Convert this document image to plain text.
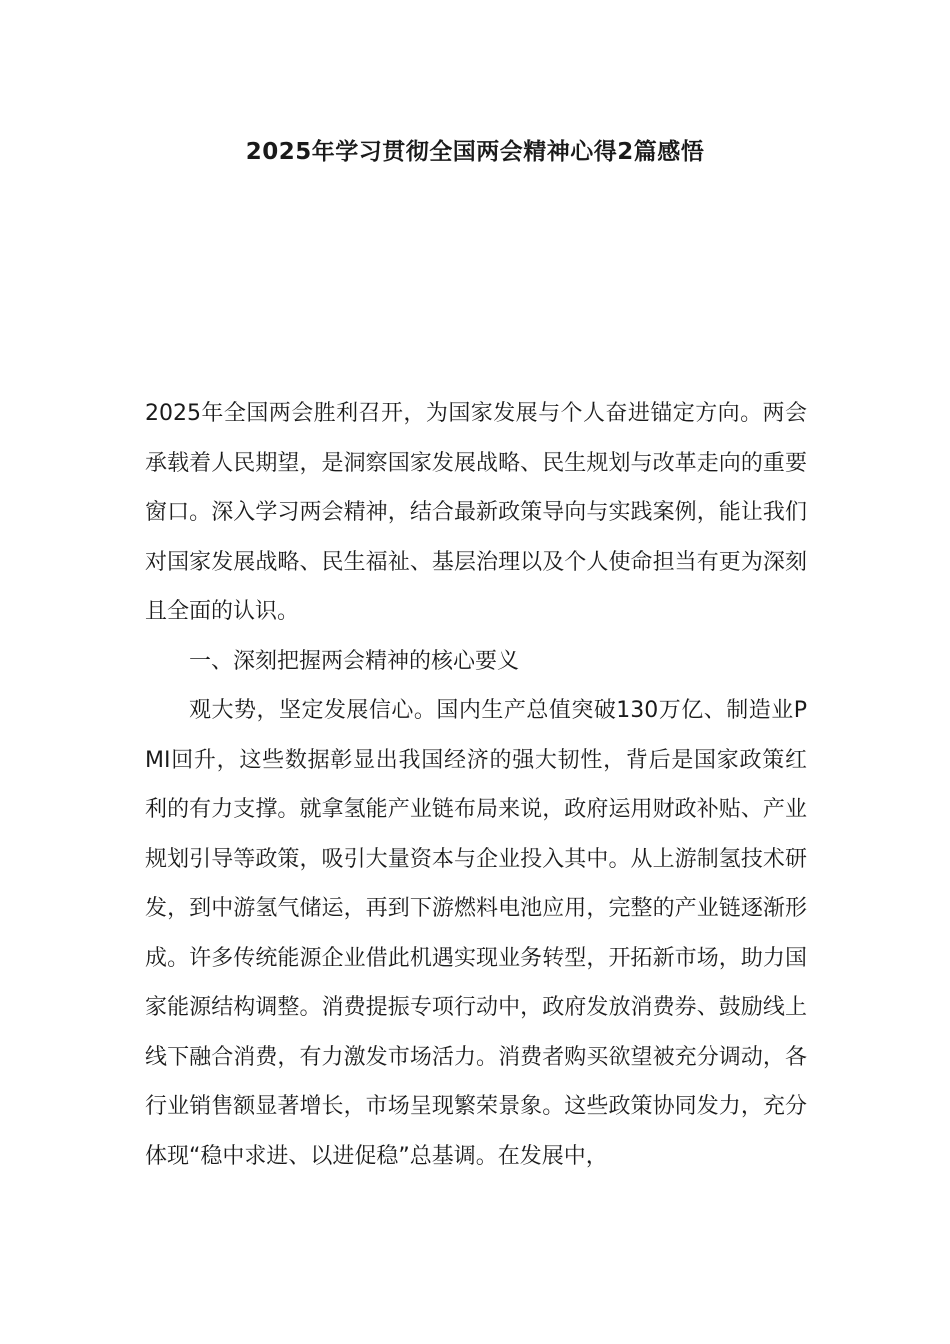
2025年学习贯彻全国两会精神心得2篇感悟

2025年全国两会胜利召开，为国家发展与个人奋进锚定方向。两会承载着人民期望，是洞察国家发展战略、民生规划与改革走向的重要窗口。深入学习两会精神，结合最新政策导向与实践案例，能让我们对国家发展战略、民生福祉、基层治理以及个人使命担当有更为深刻且全面的认识。

一、深刻把握两会精神的核心要义

观大势，坚定发展信心。国内生产总值突破130万亿、制造业PMI回升，这些数据彰显出我国经济的强大韧性，背后是国家政策红利的有力支撑。就拿氢能产业链布局来说，政府运用财政补贴、产业规划引导等政策，吸引大量资本与企业投入其中。从上游制氢技术研发，到中游氢气储运，再到下游燃料电池应用，完整的产业链逐渐形成。许多传统能源企业借此机遇实现业务转型，开拓新市场，助力国家能源结构调整。消费提振专项行动中，政府发放消费券、鼓励线上线下融合消费，有力激发市场活力。消费者购买欲望被充分调动，各行业销售额显著增长，市场呈现繁荣景象。这些政策协同发力，充分体现“稳中求进、以进促稳”总基调。在发展中，
